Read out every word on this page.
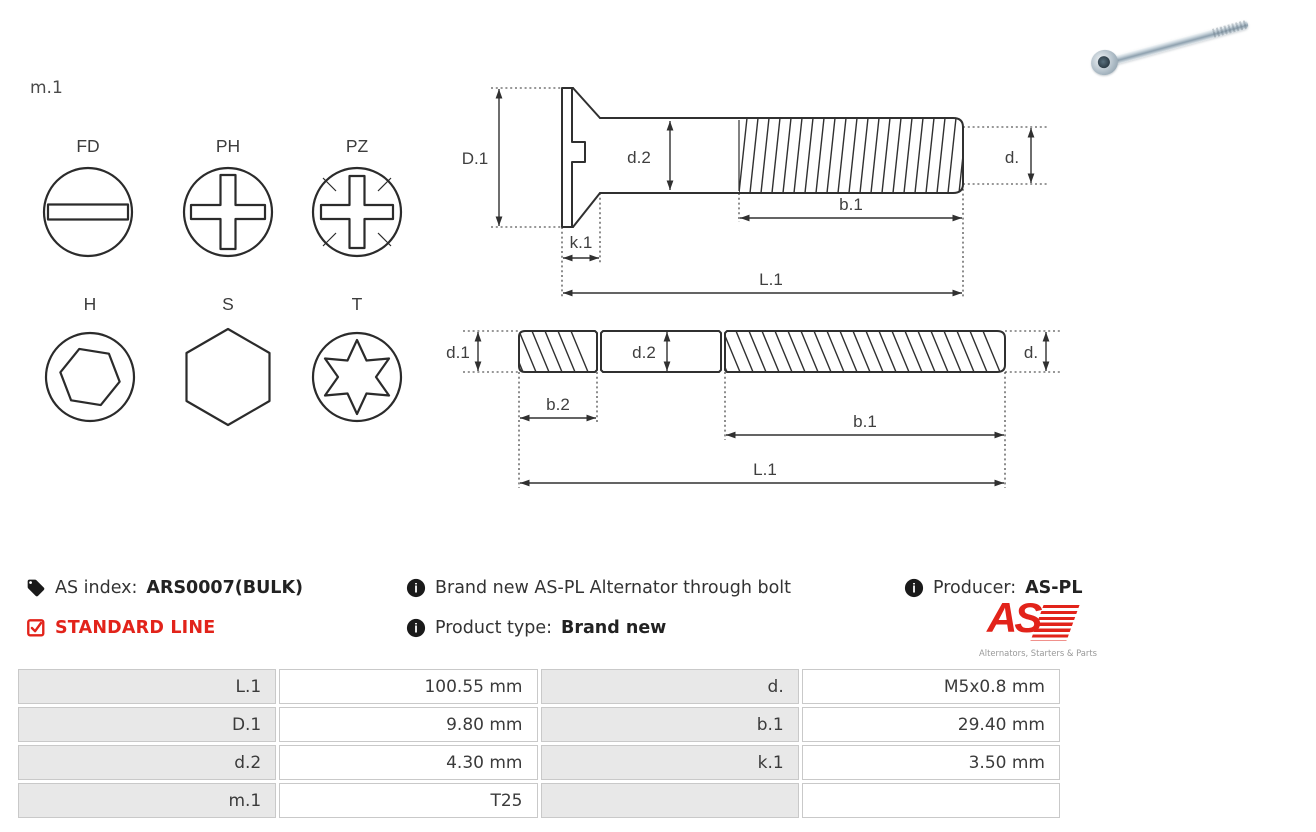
m.1
FD	PH	PZ
H	S	T
D.1	d.2	d.
b.1
k.1
L.1
d.1	d.2	d.
b.2
b.1
L.1
AS index: ARS0007(BULK)
STANDARD LINE
i Brand new AS-PL Alternator through bolt
i Product type: Brand new
i Producer: AS-PL
AS
Alternators, Starters & Parts
L.1	100.55 mm	d.	M5x0.8 mm
D.1	9.80 mm	b.1	29.40 mm
d.2	4.30 mm	k.1	3.50 mm
m.1	T25		
